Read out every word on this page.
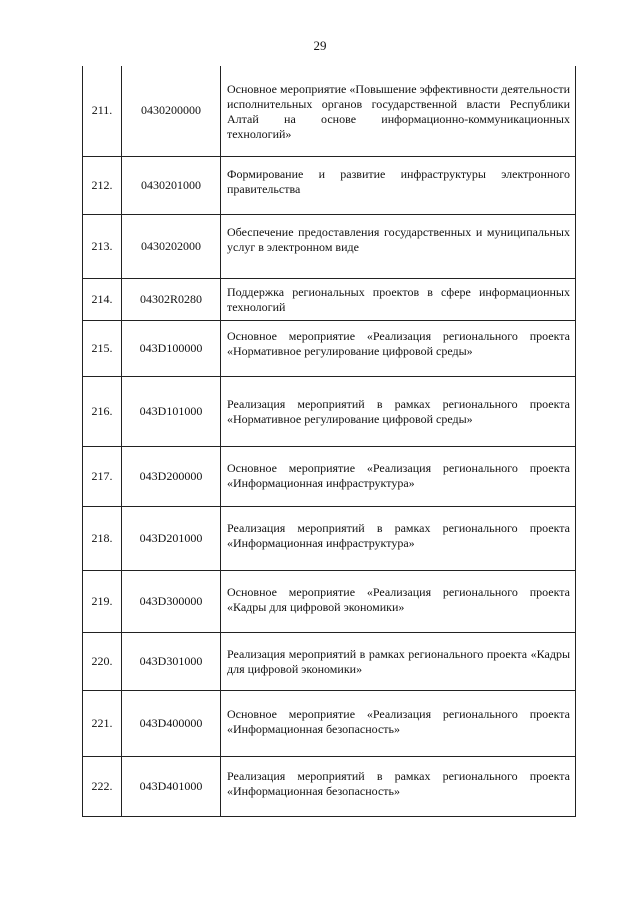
29
211.	0430200000	Основное мероприятие «Повышение эффективности деятельности исполнительных органов государственной власти Республики Алтай на основе информационно-коммуникационных технологий»
212.	0430201000	Формирование и развитие инфраструктуры электронного правительства
213.	0430202000	Обеспечение предоставления государственных и муниципальных услуг в электронном виде
214.	04302R0280	Поддержка региональных проектов в сфере информационных технологий
215.	043D100000	Основное мероприятие «Реализация регионального проекта «Нормативное регулирование цифровой среды»
216.	043D101000	Реализация мероприятий в рамках регионального проекта «Нормативное регулирование цифровой среды»
217.	043D200000	Основное мероприятие «Реализация регионального проекта «Информационная инфраструктура»
218.	043D201000	Реализация мероприятий в рамках регионального проекта «Информационная инфраструктура»
219.	043D300000	Основное мероприятие «Реализация регионального проекта «Кадры для цифровой экономики»
220.	043D301000	Реализация мероприятий в рамках регионального проекта «Кадры для цифровой экономики»
221.	043D400000	Основное мероприятие «Реализация регионального проекта «Информационная безопасность»
222.	043D401000	Реализация мероприятий в рамках регионального проекта «Информационная безопасность»
